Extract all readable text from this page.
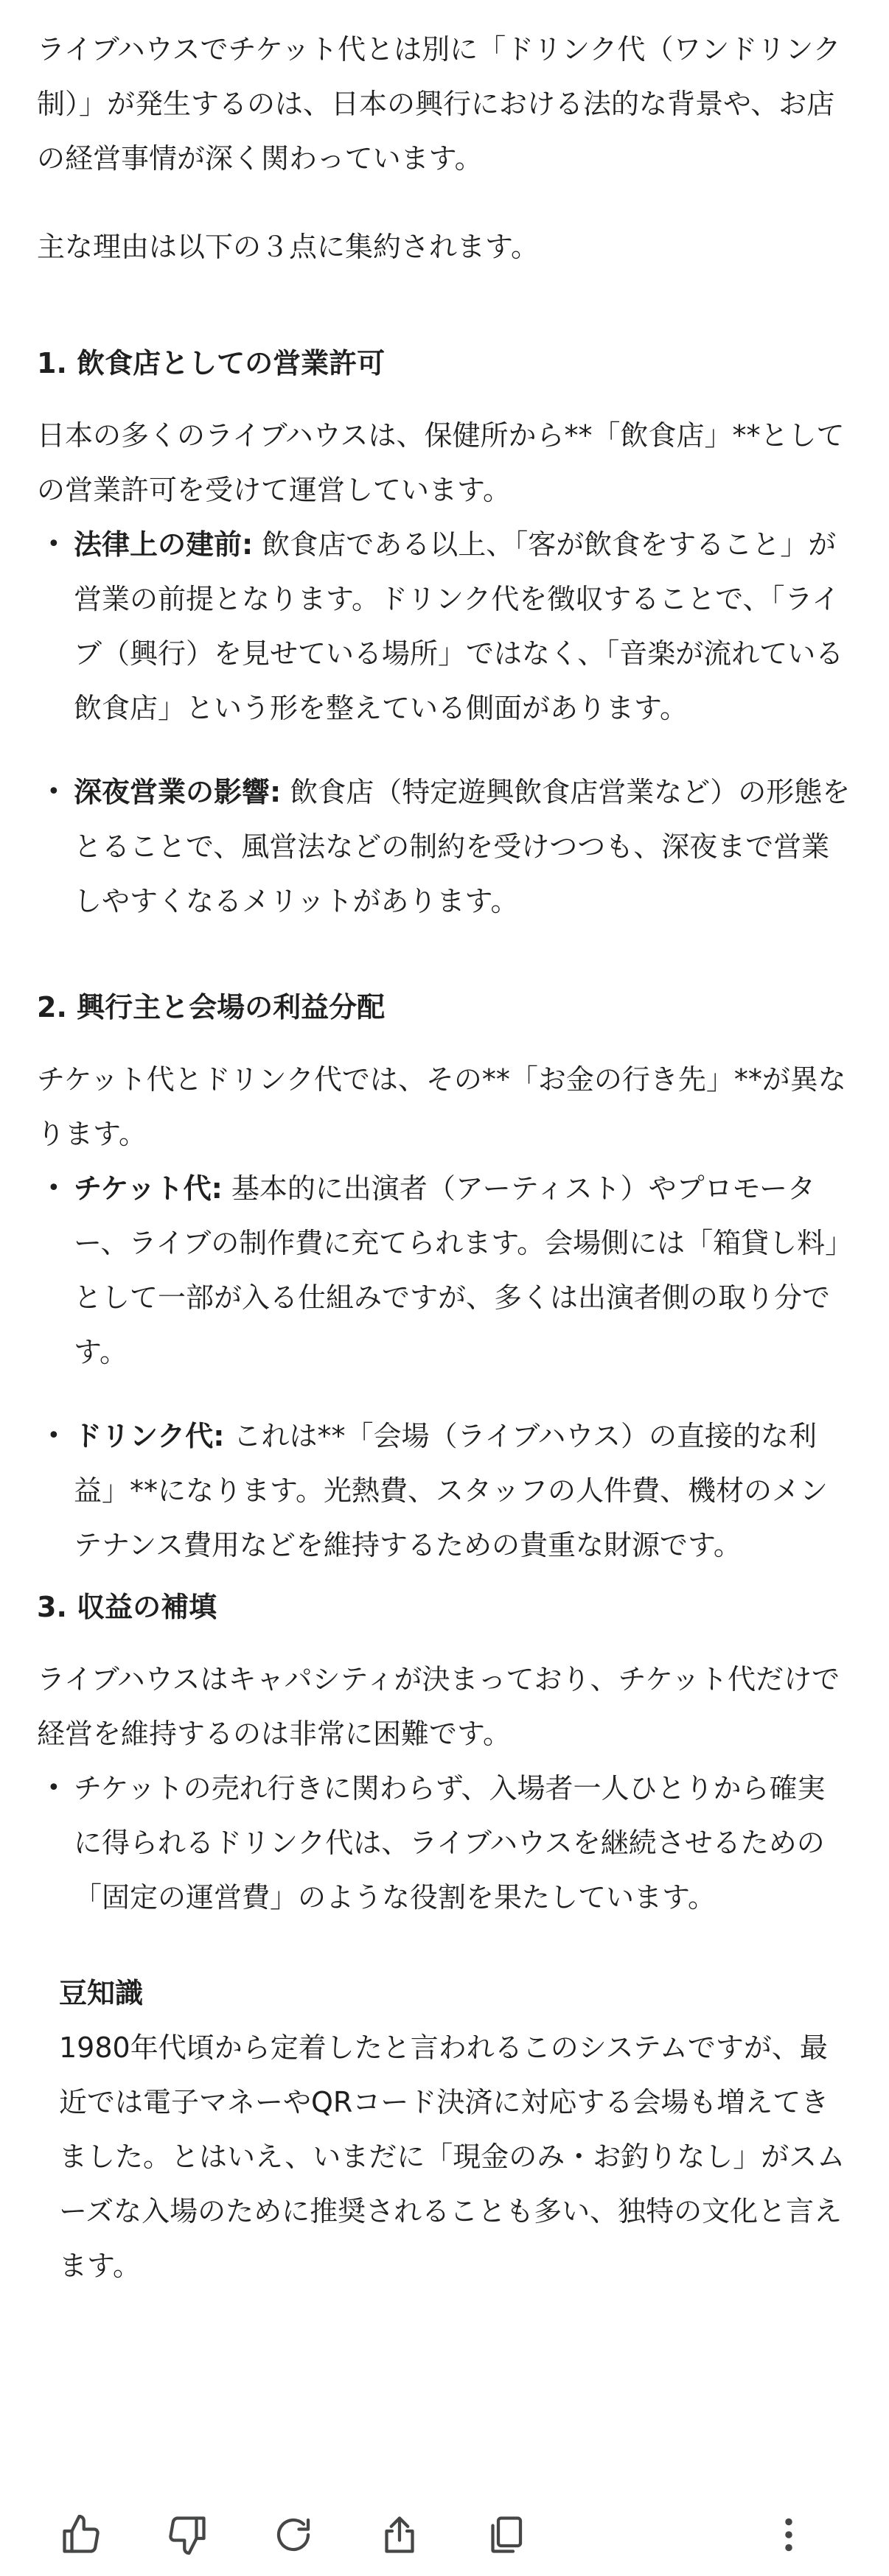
ライブハウスでチケット代とは別に「ドリンク代（ワンドリンク制）」が発生するのは、日本の興行における法的な背景や、お店の経営事情が深く関わっています。

主な理由は以下の３点に集約されます。

1. 飲食店としての営業許可

日本の多くのライブハウスは、保健所から**「飲食店」**としての営業許可を受けて運営しています。

• 法律上の建前: 飲食店である以上、「客が飲食をすること」が営業の前提となります。ドリンク代を徴収することで、「ライブ（興行）を見せている場所」ではなく、「音楽が流れている飲食店」という形を整えている側面があります。
• 深夜営業の影響: 飲食店（特定遊興飲食店営業など）の形態をとることで、風営法などの制約を受けつつも、深夜まで営業しやすくなるメリットがあります。
2. 興行主と会場の利益分配

チケット代とドリンク代では、その**「お金の行き先」**が異なります。

• チケット代: 基本的に出演者（アーティスト）やプロモーター、ライブの制作費に充てられます。会場側には「箱貸し料」として一部が入る仕組みですが、多くは出演者側の取り分です。
• ドリンク代: これは**「会場（ライブハウス）の直接的な利益」**になります。光熱費、スタッフの人件費、機材のメンテナンス費用などを維持するための貴重な財源です。
3. 収益の補填

ライブハウスはキャパシティが決まっており、チケット代だけで経営を維持するのは非常に困難です。

• チケットの売れ行きに関わらず、入場者一人ひとりから確実に得られるドリンク代は、ライブハウスを継続させるための「固定の運営費」のような役割を果たしています。
豆知識

1980年代頃から定着したと言われるこのシステムですが、最近では電子マネーやQRコード決済に対応する会場も増えてきました。とはいえ、いまだに「現金のみ・お釣りなし」がスムーズな入場のために推奨されることも多い、独特の文化と言えます。
